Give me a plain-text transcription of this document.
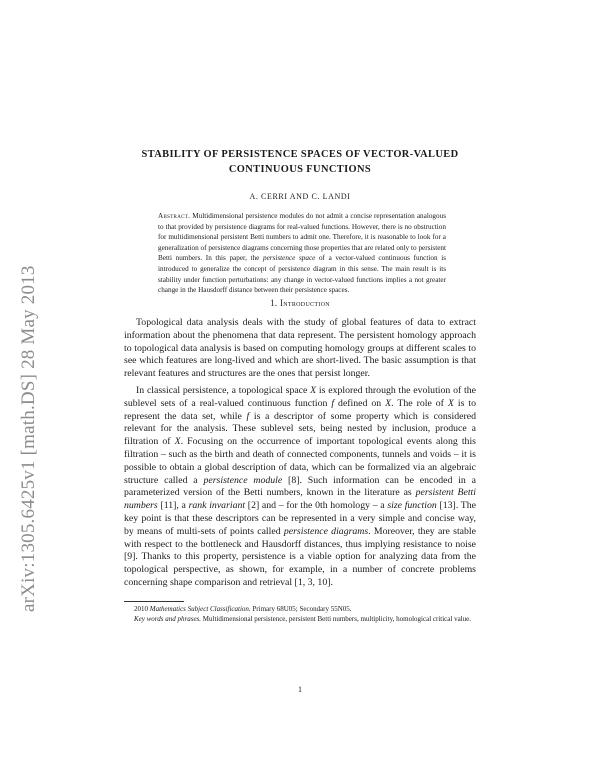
arXiv:1305.6425v1 [math.DS] 28 May 2013
STABILITY OF PERSISTENCE SPACES OF VECTOR-VALUED
CONTINUOUS FUNCTIONS
A. CERRI AND C. LANDI
Abstract. Multidimensional persistence modules do not admit a concise representation analogous to that provided by persistence diagrams for real-valued functions. However, there is no obstruction for multidimensional persistent Betti numbers to admit one. Therefore, it is reasonable to look for a generalization of persistence diagrams concerning those properties that are related only to persistent Betti numbers. In this paper, the persistence space of a vector-valued continuous function is introduced to generalize the concept of persistence diagram in this sense. The main result is its stability under function perturbations: any change in vector-valued functions implies a not greater change in the Hausdorff distance between their persistence spaces.
1. Introduction

Topological data analysis deals with the study of global features of data to extract information about the phenomena that data represent. The persistent homology approach to topological data analysis is based on computing homology groups at different scales to see which features are long-lived and which are short-lived. The basic assumption is that relevant features and structures are the ones that persist longer.

In classical persistence, a topological space X is explored through the evolution of the sublevel sets of a real-valued continuous function f defined on X. The role of X is to represent the data set, while f is a descriptor of some property which is considered relevant for the analysis. These sublevel sets, being nested by inclusion, produce a filtration of X. Focusing on the occurrence of important topological events along this filtration – such as the birth and death of connected components, tunnels and voids – it is possible to obtain a global description of data, which can be formalized via an algebraic structure called a persistence module [8]. Such information can be encoded in a parameterized version of the Betti numbers, known in the literature as persistent Betti numbers [11], a rank invariant [2] and – for the 0th homology – a size function [13]. The key point is that these descriptors can be represented in a very simple and concise way, by means of multi-sets of points called persistence diagrams. Moreover, they are stable with respect to the bottleneck and Hausdorff distances, thus implying resistance to noise [9]. Thanks to this property, persistence is a viable option for analyzing data from the topological perspective, as shown, for example, in a number of concrete problems concerning shape comparison and retrieval [1, 3, 10].

2010 Mathematics Subject Classification. Primary 68U05; Secondary 55N05.

Key words and phrases. Multidimensional persistence, persistent Betti numbers, multiplicity, homological critical value.

1
